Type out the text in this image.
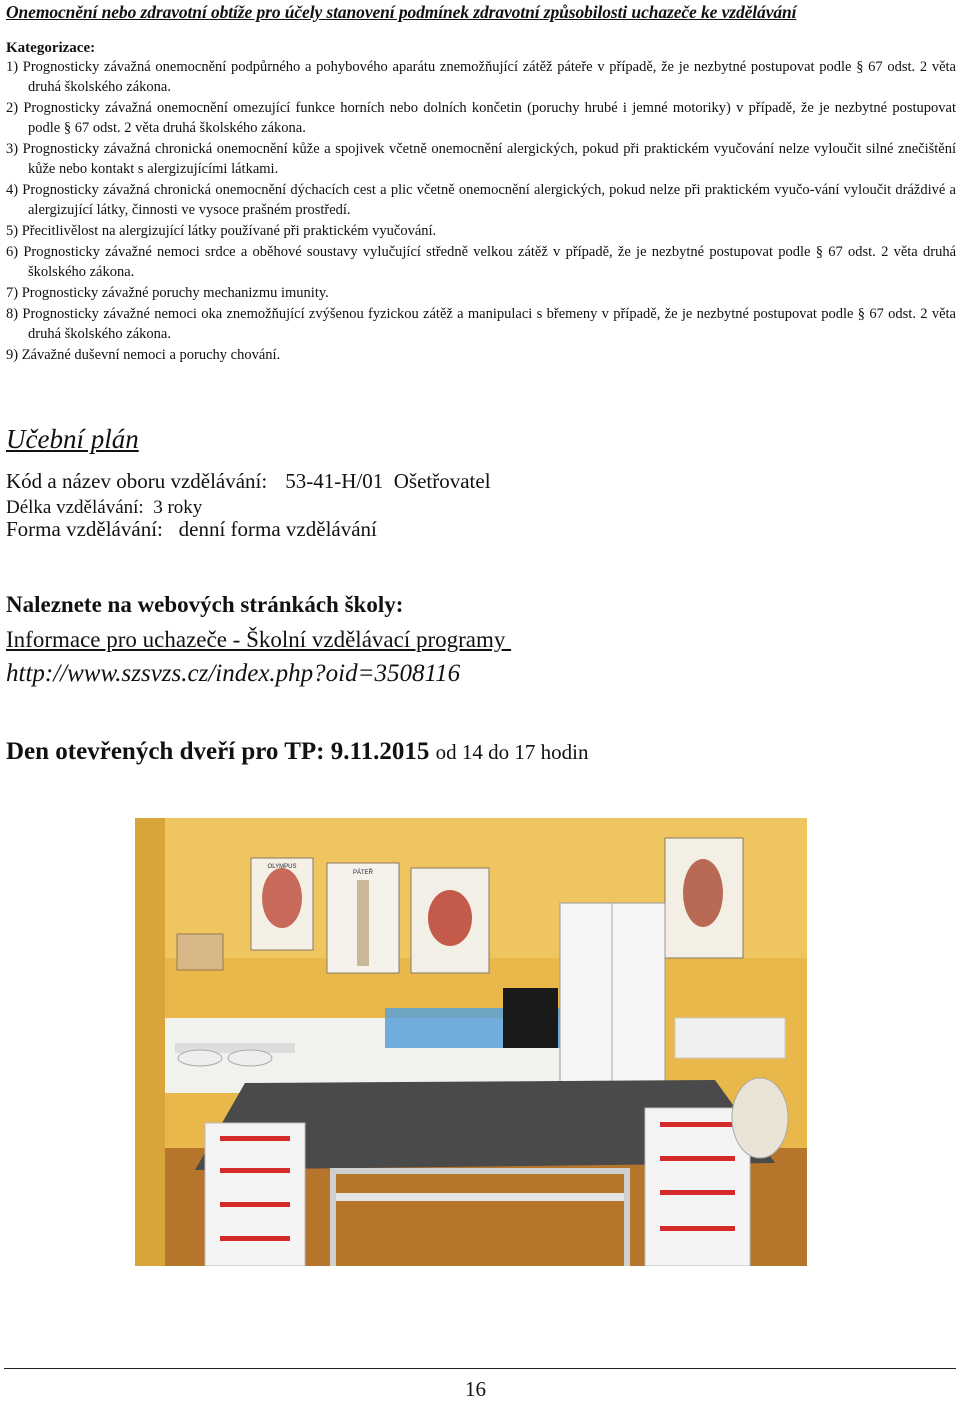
Onemocnění nebo zdravotní obtíže pro účely stanovení podmínek zdravotní způsobilosti uchazeče ke vzdělávání
Kategorizace:
1) Prognosticky závažná onemocnění podpůrného a pohybového aparátu znemožňující zátěž páteře v případě, že je nezbytné postupovat podle § 67 odst. 2 věta druhá školského zákona.
2) Prognosticky závažná onemocnění omezující funkce horních nebo dolních končetin (poruchy hrubé i jemné motoriky) v případě, že je nezbytné postupovat podle § 67 odst. 2 věta druhá školského zákona.
3) Prognosticky závažná chronická onemocnění kůže a spojivek včetně onemocnění alergických, pokud při praktickém vyučování nelze vyloučit silné znečištění kůže nebo kontakt s alergizujícími látkami.
4) Prognosticky závažná chronická onemocnění dýchacích cest a plic včetně onemocnění alergických, pokud nelze při praktickém vyučo-vání vyloučit dráždivé a alergizující látky, činnosti ve vysoce prašném prostředí.
5) Přecitlivělost na alergizující látky používané při praktickém vyučování.
6) Prognosticky závažné nemoci srdce a oběhové soustavy vylučující středně velkou zátěž v případě, že je nezbytné postupovat podle § 67 odst. 2 věta druhá školského zákona.
7) Prognosticky závažné poruchy mechanizmu imunity.
8) Prognosticky závažné nemoci oka znemožňující zvýšenou fyzickou zátěž a manipulaci s břemeny v případě, že je nezbytné postupovat podle § 67 odst. 2 věta druhá školského zákona.
9) Závažné duševní nemoci a poruchy chování.
Učební plán
Kód a název oboru vzdělávání: 53-41-H/01 Ošetřovatel
Délka vzdělávání: 3 roky
Forma vzdělávání: denní forma vzdělávání
Naleznete na webových stránkách školy:
Informace pro uchazeče - Školní vzdělávací programy
http://www.szsvzs.cz/index.php?oid=3508116
Den otevřených dveří pro TP: 9.11.2015 od 14 do 17 hodin
OLYMPUS
PÁTEŘ
16
